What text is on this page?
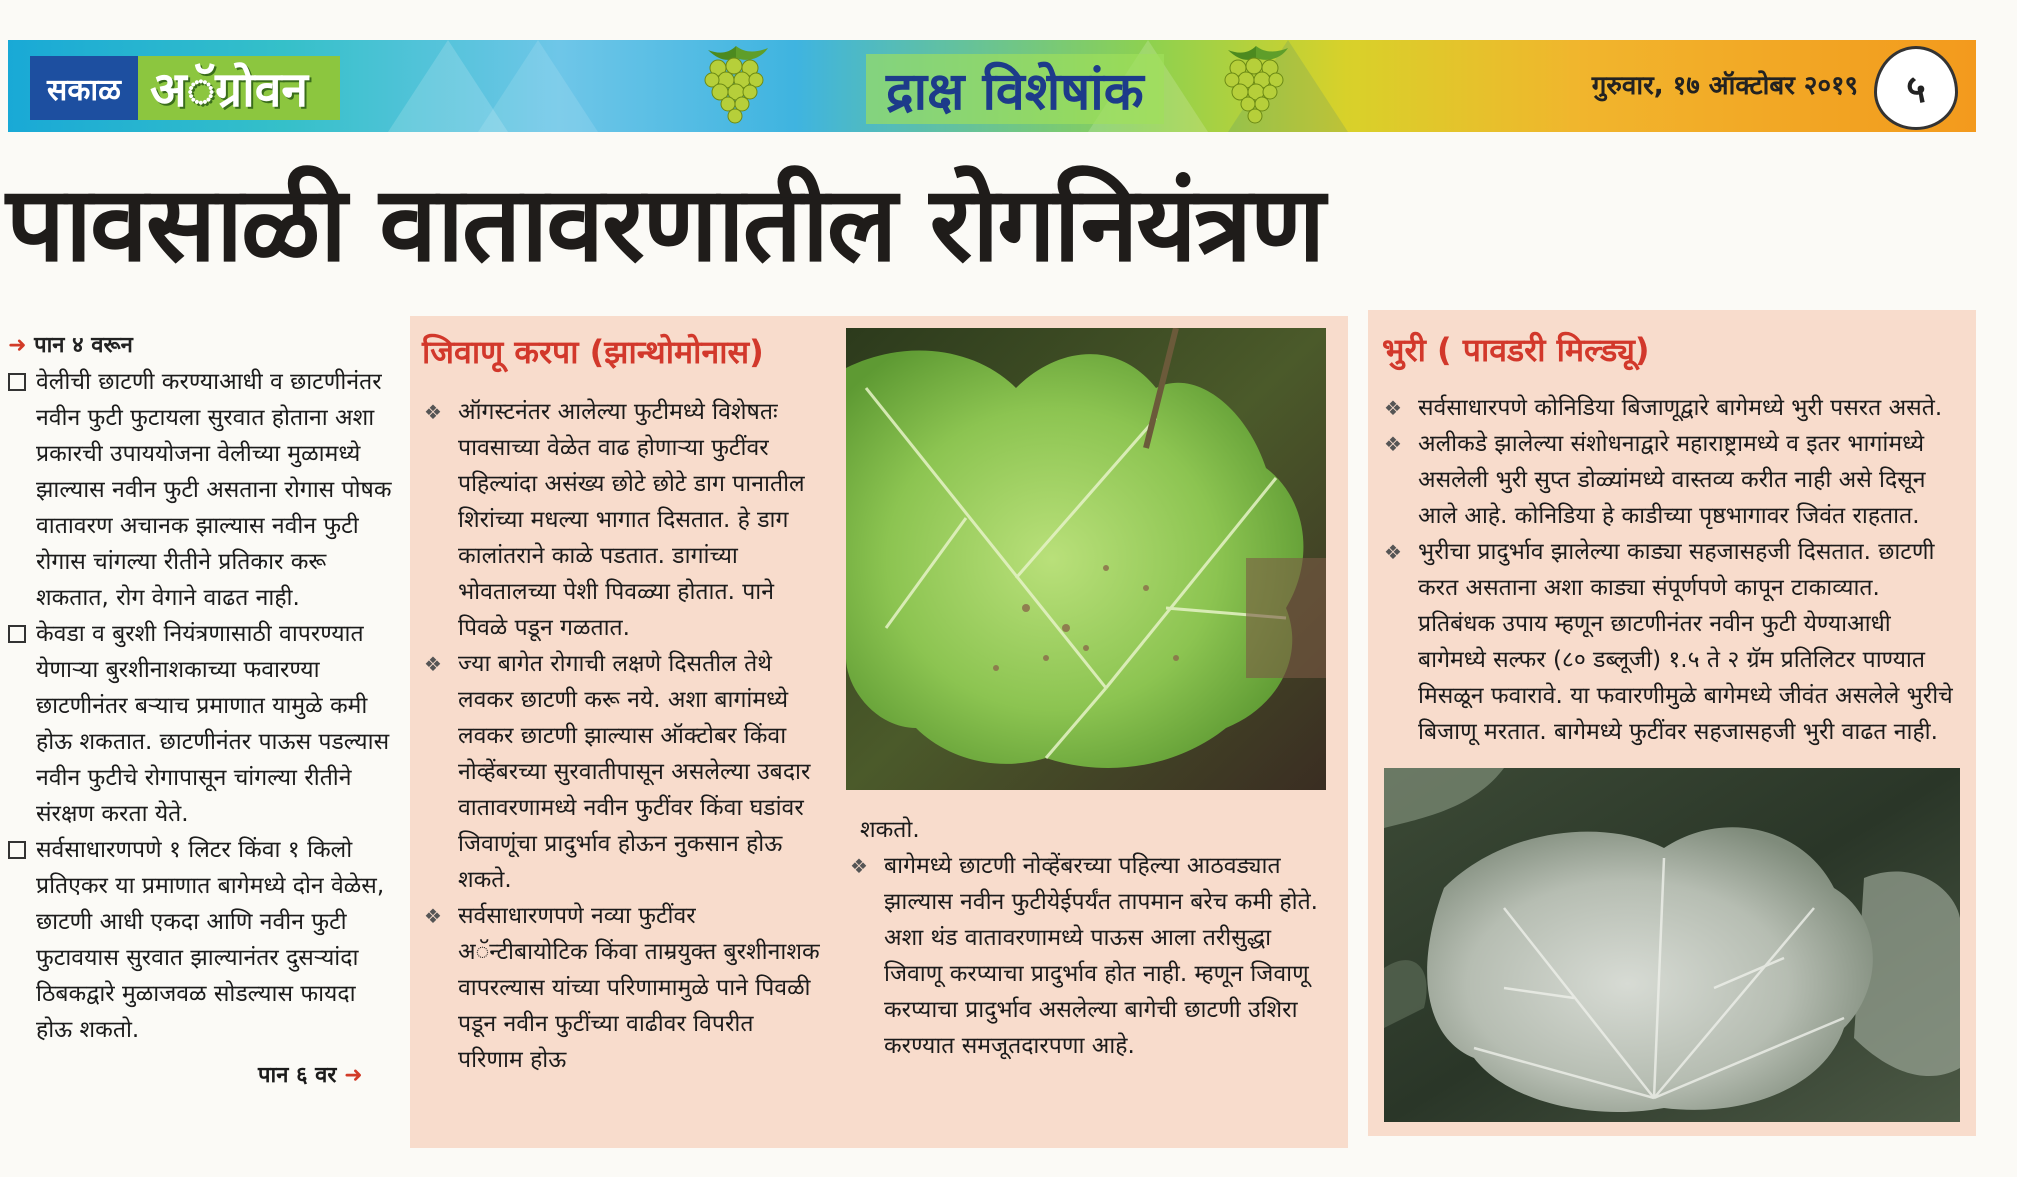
सकाळ अॅग्रोवन	द्राक्ष विशेषांक	गुरुवार, १७ ऑक्टोबर २०१९	५
पावसाळी वातावरणातील रोगनियंत्रण
➜ पान ४ वरून
वेलीची छाटणी करण्याआधी व छाटणीनंतर नवीन फुटी फुटायला सुरवात होताना अशा प्रकारची उपाययोजना वेलीच्या मुळामध्ये झाल्यास नवीन फुटी असताना रोगास पोषक वातावरण अचानक झाल्यास नवीन फुटी रोगास चांगल्या रीतीने प्रतिकार करू शकतात, रोग वेगाने वाढत नाही.
केवडा व बुरशी नियंत्रणासाठी वापरण्यात येणाऱ्या बुरशीनाशकाच्या फवारण्या छाटणीनंतर बऱ्याच प्रमाणात यामुळे कमी होऊ शकतात. छाटणीनंतर पाऊस पडल्यास नवीन फुटीचे रोगापासून चांगल्या रीतीने संरक्षण करता येते.
सर्वसाधारणपणे १ लिटर किंवा १ किलो प्रतिएकर या प्रमाणात बागेमध्ये दोन वेळेस, छाटणी आधी एकदा आणि नवीन फुटी फुटावयास सुरवात झाल्यानंतर दुसऱ्यांदा ठिबकद्वारे मुळाजवळ सोडल्यास फायदा होऊ शकतो.
पान ६ वर ➜
जिवाणू करपा (झान्थोमोनास)
❖ ऑगस्टनंतर आलेल्या फुटीमध्ये विशेषतः पावसाच्या वेळेत वाढ होणाऱ्या फुटींवर पहिल्यांदा असंख्य छोटे छोटे डाग पानातील शिरांच्या मधल्या भागात दिसतात. हे डाग कालांतराने काळे पडतात. डागांच्या भोवतालच्या पेशी पिवळ्या होतात. पाने पिवळे पडून गळतात.
❖ ज्या बागेत रोगाची लक्षणे दिसतील तेथे लवकर छाटणी करू नये. अशा बागांमध्ये लवकर छाटणी झाल्यास ऑक्टोबर किंवा नोव्हेंबरच्या सुरवातीपासून असलेल्या उबदार वातावरणामध्ये नवीन फुटींवर किंवा घडांवर जिवाणूंचा प्रादुर्भाव होऊन नुकसान होऊ शकते.
❖ सर्वसाधारणपणे नव्या फुटींवर अॅन्टीबायोटिक किंवा ताम्रयुक्त बुरशीनाशक वापरल्यास यांच्या परिणामामुळे पाने पिवळी पडून नवीन फुटींच्या वाढीवर विपरीत परिणाम होऊ
शकतो.
❖ बागेमध्ये छाटणी नोव्हेंबरच्या पहिल्या आठवड्यात झाल्यास नवीन फुटीयेईपर्यंत तापमान बरेच कमी होते. अशा थंड वातावरणामध्ये पाऊस आला तरीसुद्धा जिवाणू करप्याचा प्रादुर्भाव होत नाही. म्हणून जिवाणू करप्याचा प्रादुर्भाव असलेल्या बागेची छाटणी उशिरा करण्यात समजूतदारपणा आहे.
भुरी ( पावडरी मिल्ड्यू)
❖ सर्वसाधारपणे कोनिडिया बिजाणूद्वारे बागेमध्ये भुरी पसरत असते.
❖ अलीकडे झालेल्या संशोधनाद्वारे महाराष्ट्रामध्ये व इतर भागांमध्ये असलेली भुरी सुप्त डोळ्यांमध्ये वास्तव्य करीत नाही असे दिसून आले आहे. कोनिडिया हे काडीच्या पृष्ठभागावर जिवंत राहतात.
❖ भुरीचा प्रादुर्भाव झालेल्या काड्या सहजासहजी दिसतात. छाटणी करत असताना अशा काड्या संपूर्णपणे कापून टाकाव्यात. प्रतिबंधक उपाय म्हणून छाटणीनंतर नवीन फुटी येण्याआधी बागेमध्ये सल्फर (८० डब्लूजी) १.५ ते २ ग्रॅम प्रतिलिटर पाण्यात मिसळून फवारावे. या फवारणीमुळे बागेमध्ये जीवंत असलेले भुरीचे बिजाणू मरतात. बागेमध्ये फुटींवर सहजासहजी भुरी वाढत नाही.
